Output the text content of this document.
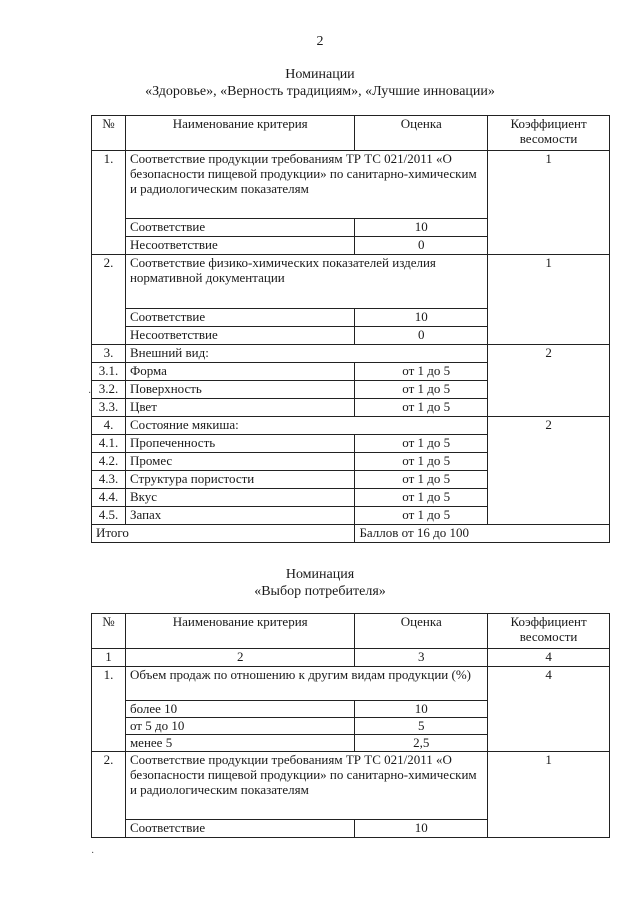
2
Номинации
«Здоровье», «Верность традициям», «Лучшие инновации»
№	Наименование критерия	Оценка	Коэффициент весомости
1.	Соответствие продукции требованиям ТР ТС 021/2011 «О безопасности пищевой продукции» по санитарно-химическим и радиологическим показателям		1
	Соответствие	10	
	Несоответствие	0	
2.	Соответствие физико-химических показателей изделия нормативной документации		1
	Соответствие	10	
	Несоответствие	0	
3.	Внешний вид:		2
3.1.	Форма	от 1 до 5	
3.2.	Поверхность	от 1 до 5	
3.3.	Цвет	от 1 до 5	
4.	Состояние мякиша:		2
4.1.	Пропеченность	от 1 до 5	
4.2.	Промес	от 1 до 5	
4.3.	Структура пористости	от 1 до 5	
4.4.	Вкус	от 1 до 5	
4.5.	Запах	от 1 до 5	
Итого		Баллов от 16 до 100	
Номинация
«Выбор потребителя»
№	Наименование критерия	Оценка	Коэффициент весомости
1	2	3	4
1.	Объем продаж по отношению к другим видам продукции (%)		4
	более 10	10	
	от 5 до 10	5	
	менее 5	2,5	
2.	Соответствие продукции требованиям ТР ТС 021/2011 «О безопасности пищевой продукции» по санитарно-химическим и радиологическим показателям		1
	Соответствие	10	
·
·
